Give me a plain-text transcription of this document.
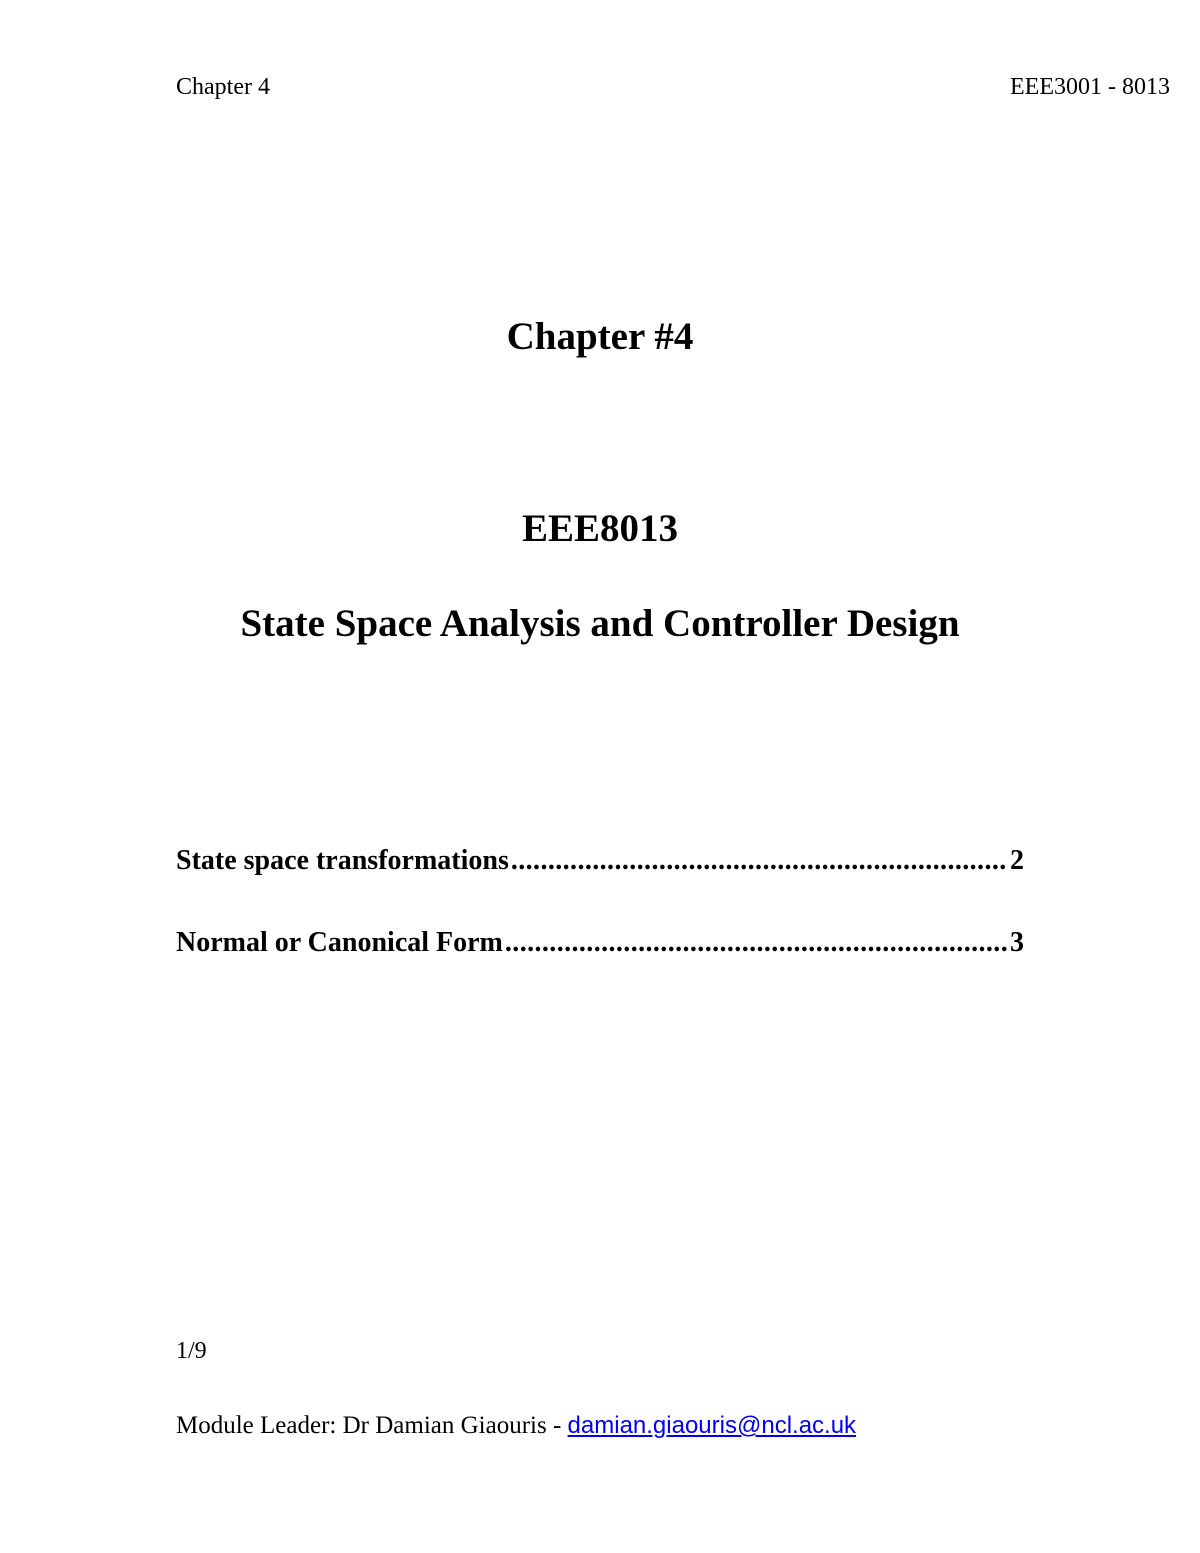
Chapter 4	EEE3001 - 8013
Chapter #4
EEE8013
State Space Analysis and Controller Design
State space transformations .....	2
Normal or Canonical Form .....	3
1/9
Module Leader: Dr Damian Giaouris - damian.giaouris@ncl.ac.uk
